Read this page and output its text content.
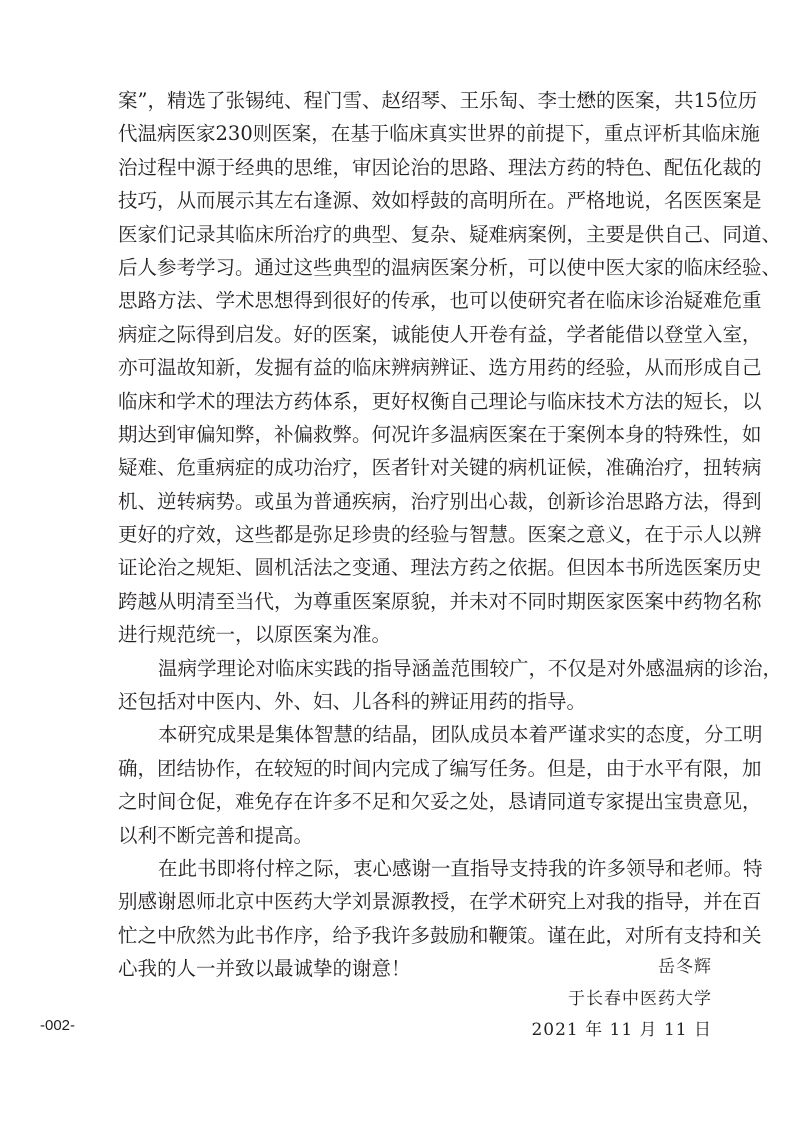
案”，精选了张锡纯、程门雪、赵绍琴、王乐匋、李士懋的医案，共15位历
代温病医家230则医案，在基于临床真实世界的前提下，重点评析其临床施
治过程中源于经典的思维，审因论治的思路、理法方药的特色、配伍化裁的
技巧，从而展示其左右逢源、效如桴鼓的高明所在。严格地说，名医医案是
医家们记录其临床所治疗的典型、复杂、疑难病案例，主要是供自己、同道、
后人参考学习。通过这些典型的温病医案分析，可以使中医大家的临床经验、
思路方法、学术思想得到很好的传承，也可以使研究者在临床诊治疑难危重
病症之际得到启发。好的医案，诚能使人开卷有益，学者能借以登堂入室，
亦可温故知新，发掘有益的临床辨病辨证、选方用药的经验，从而形成自己
临床和学术的理法方药体系，更好权衡自己理论与临床技术方法的短长，以
期达到审偏知弊，补偏救弊。何况许多温病医案在于案例本身的特殊性，如
疑难、危重病症的成功治疗，医者针对关键的病机证候，准确治疗，扭转病
机、逆转病势。或虽为普通疾病，治疗别出心裁，创新诊治思路方法，得到
更好的疗效，这些都是弥足珍贵的经验与智慧。医案之意义，在于示人以辨
证论治之规矩、圆机活法之变通、理法方药之依据。但因本书所选医案历史
跨越从明清至当代，为尊重医案原貌，并未对不同时期医家医案中药物名称
进行规范统一，以原医案为准。
温病学理论对临床实践的指导涵盖范围较广，不仅是对外感温病的诊治，
还包括对中医内、外、妇、儿各科的辨证用药的指导。
本研究成果是集体智慧的结晶，团队成员本着严谨求实的态度，分工明
确，团结协作，在较短的时间内完成了编写任务。但是，由于水平有限，加
之时间仓促，难免存在许多不足和欠妥之处，恳请同道专家提出宝贵意见，
以利不断完善和提高。
在此书即将付梓之际，衷心感谢一直指导支持我的许多领导和老师。特
别感谢恩师北京中医药大学刘景源教授，在学术研究上对我的指导，并在百
忙之中欣然为此书作序，给予我许多鼓励和鞭策。谨在此，对所有支持和关
心我的人一并致以最诚挚的谢意！	岳冬辉
于长春中医药大学
2021 年 11 月 11 日
-002-
